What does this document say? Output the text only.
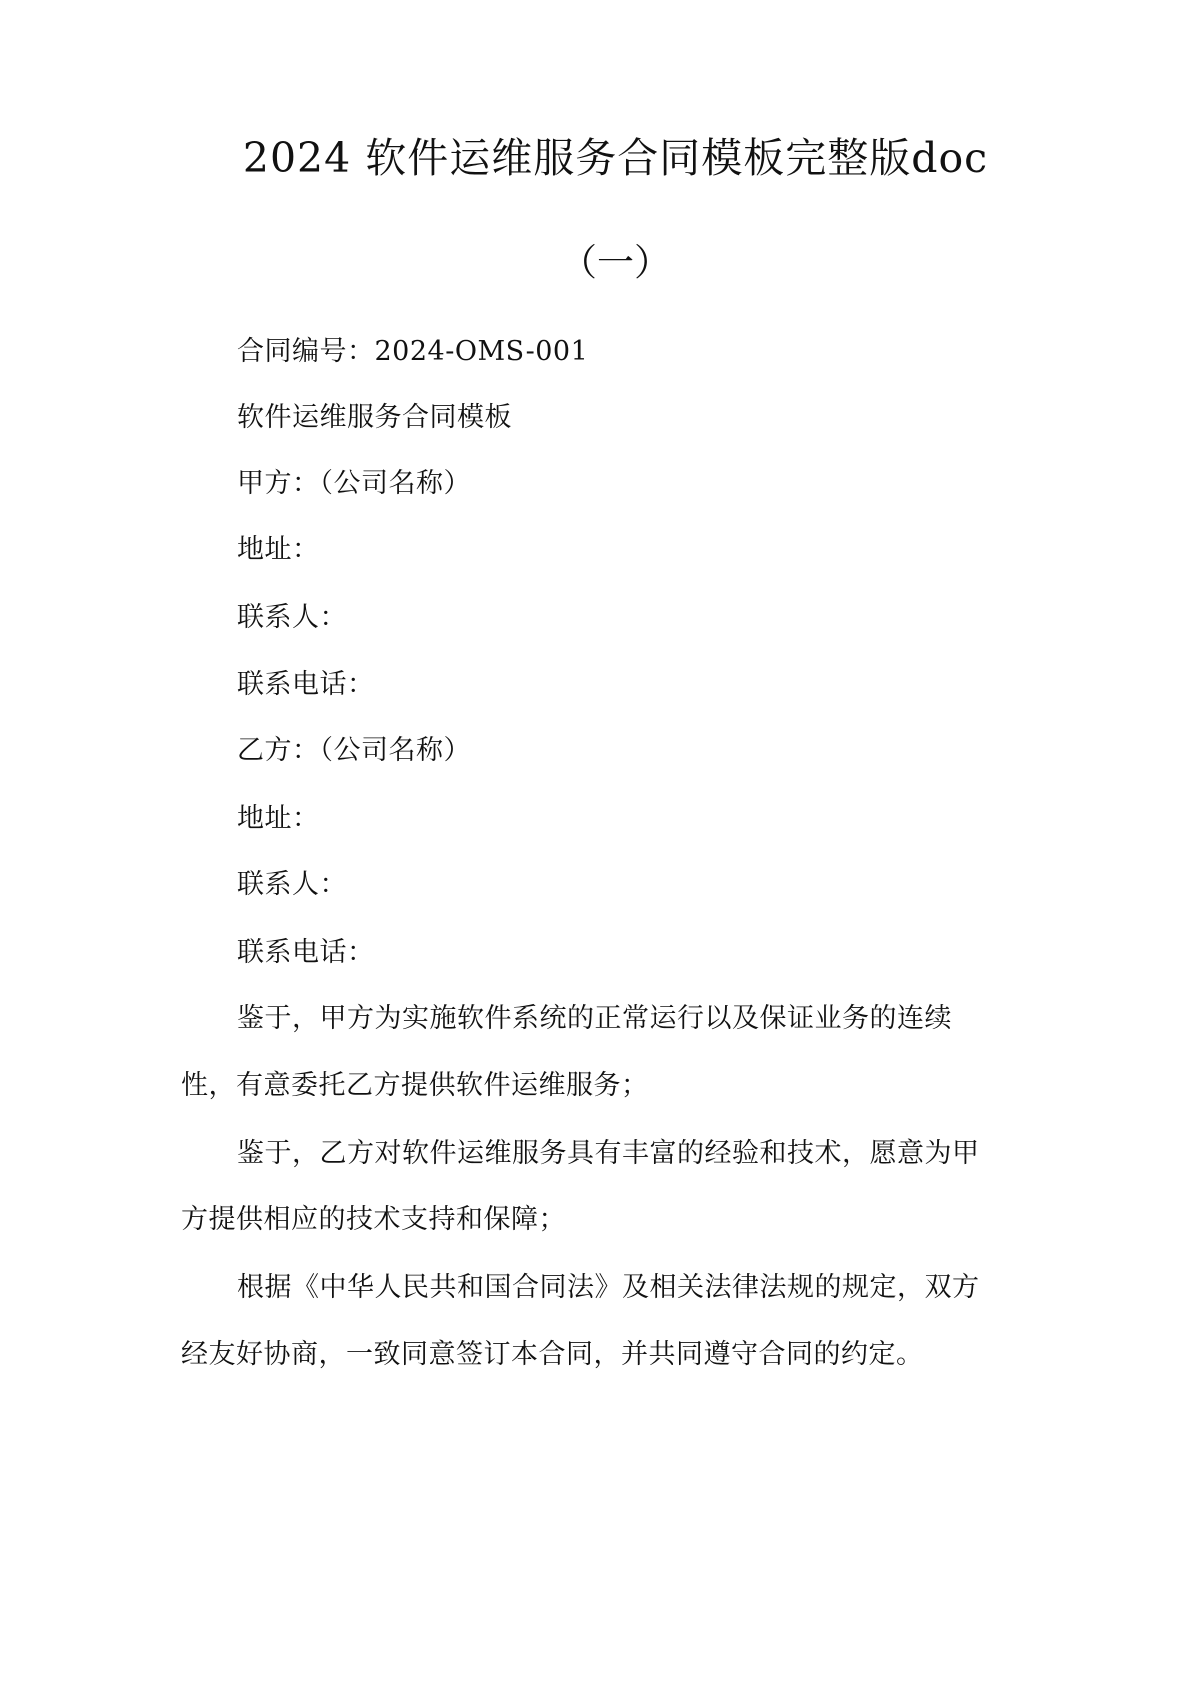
2024 软件运维服务合同模板完整版doc
（一）
合同编号：2024-OMS-001
软件运维服务合同模板
甲方：（公司名称）
地址：
联系人：
联系电话：
乙方：（公司名称）
地址：
联系人：
联系电话：
鉴于，甲方为实施软件系统的正常运行以及保证业务的连续
性，有意委托乙方提供软件运维服务；
鉴于，乙方对软件运维服务具有丰富的经验和技术，愿意为甲
方提供相应的技术支持和保障；
根据《中华人民共和国合同法》及相关法律法规的规定，双方
经友好协商，一致同意签订本合同，并共同遵守合同的约定。
